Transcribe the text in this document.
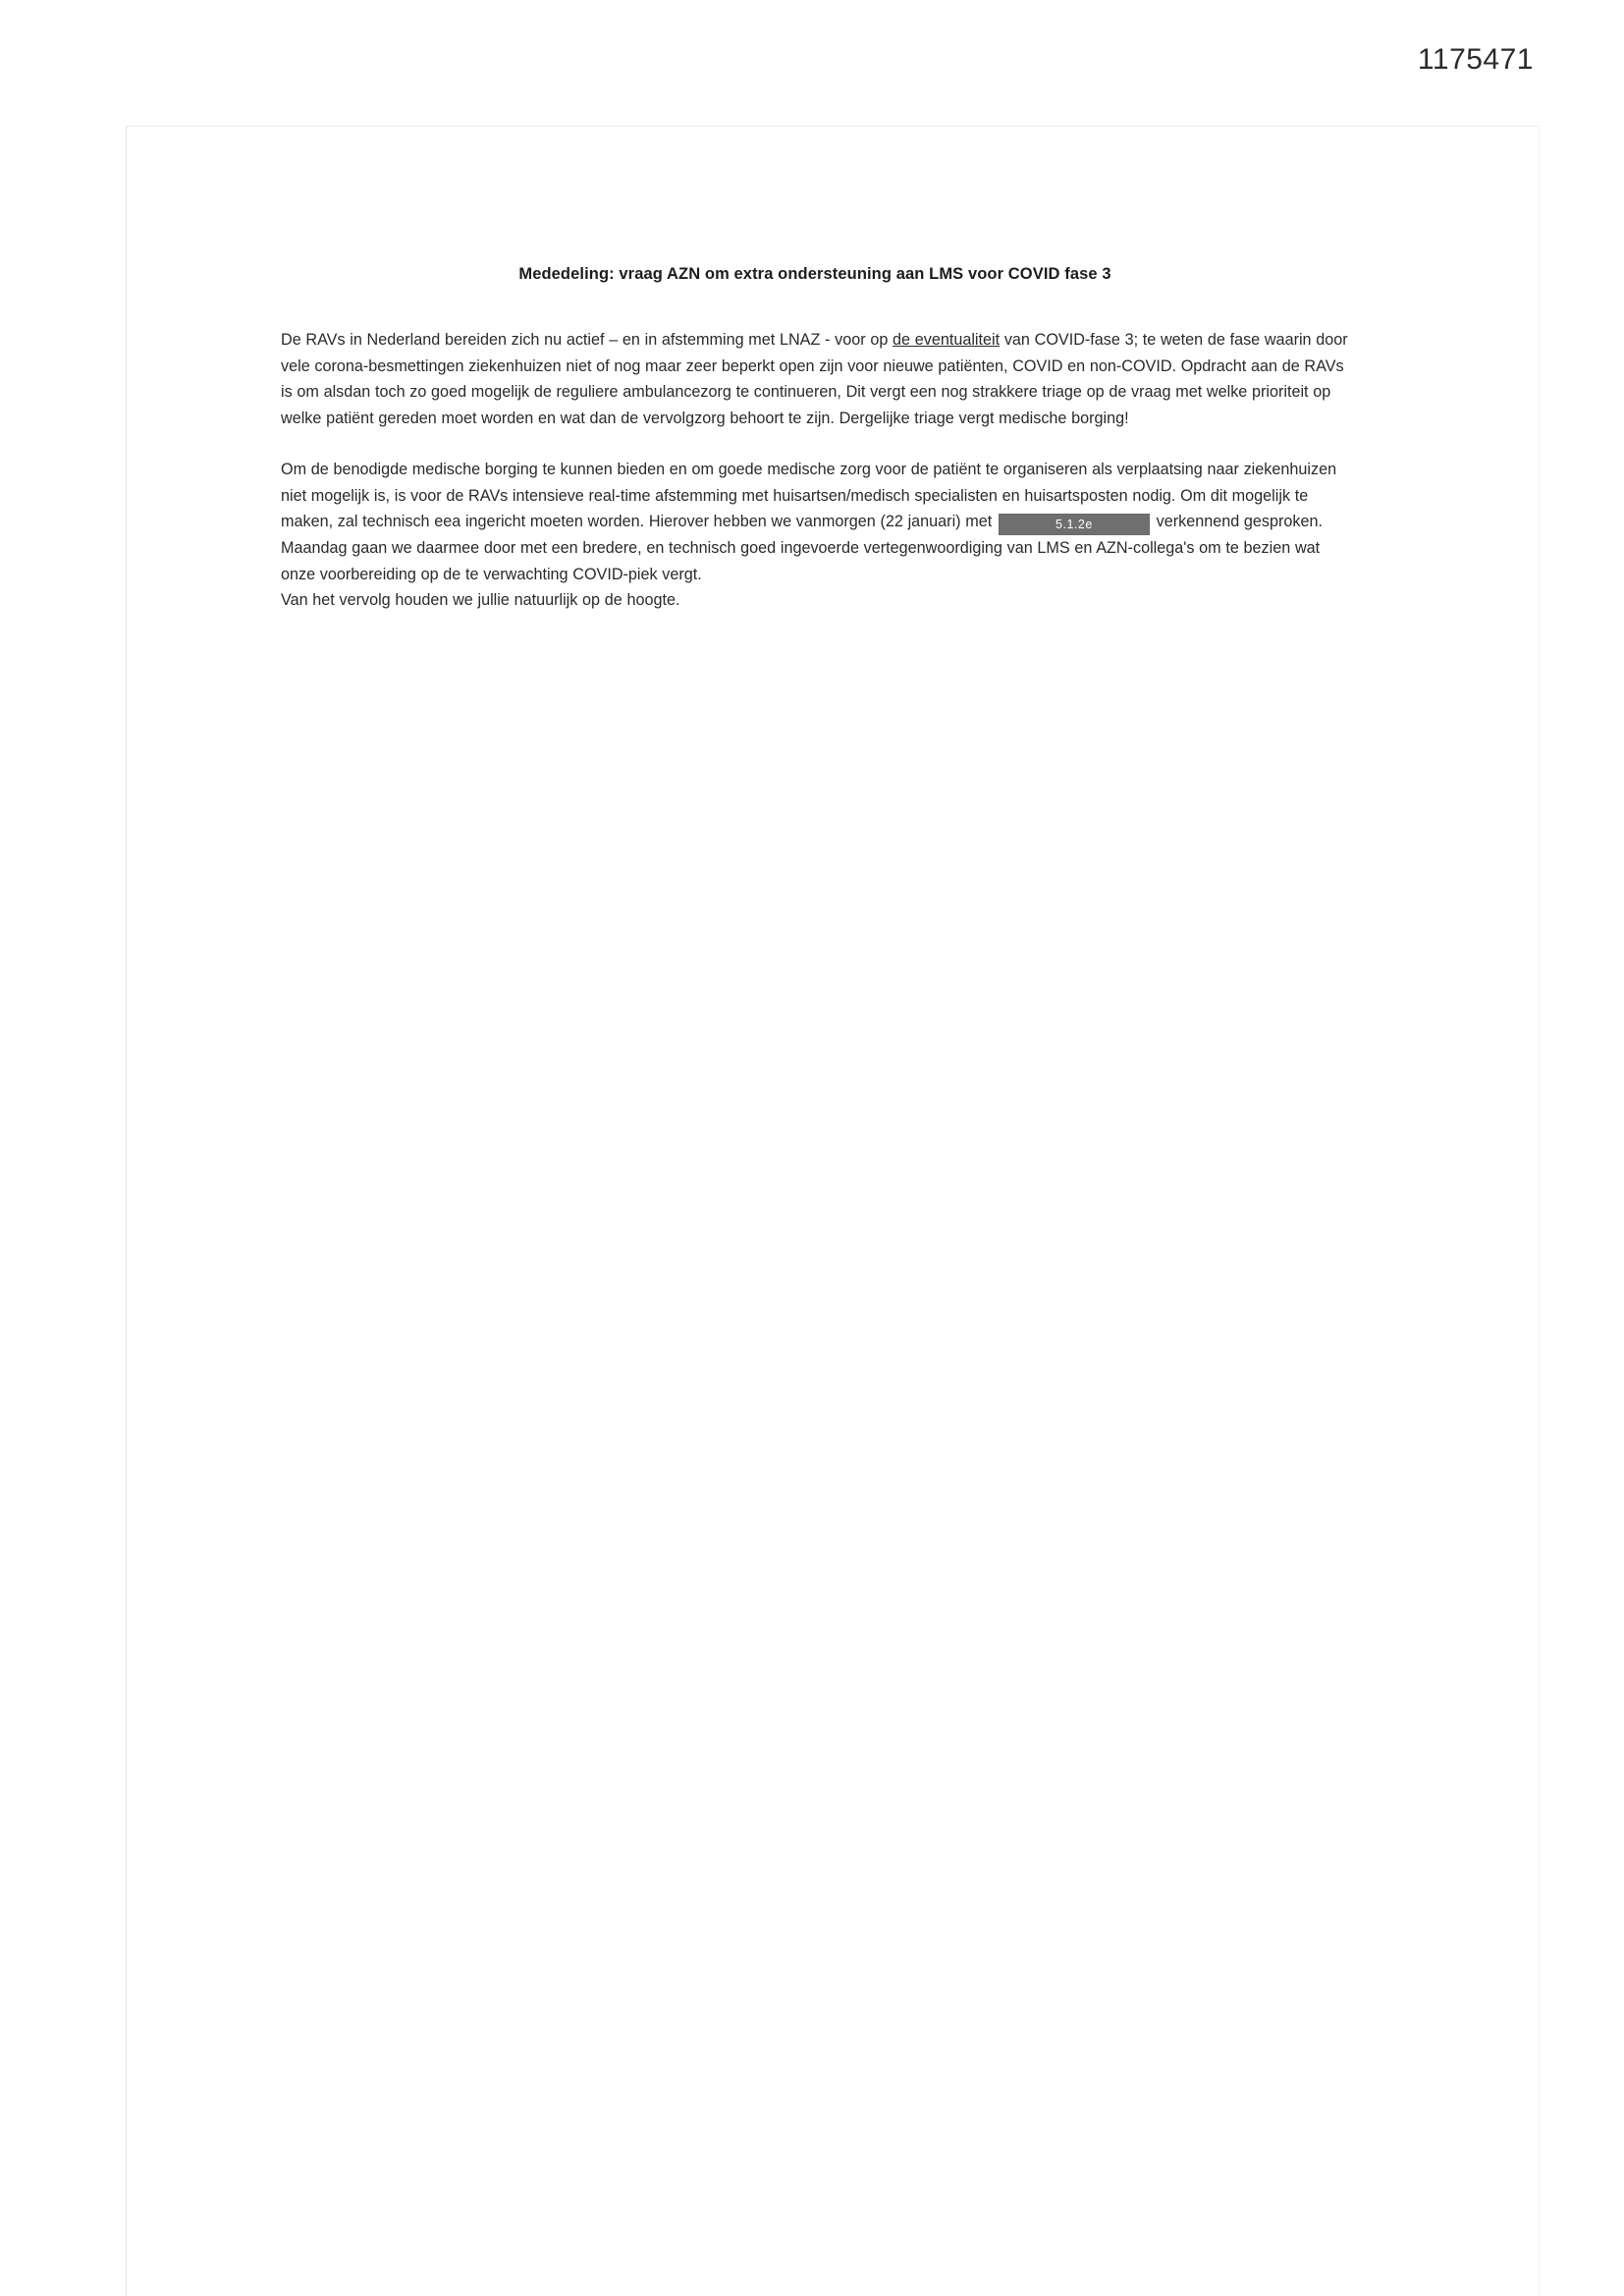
1175471
Mededeling: vraag AZN om extra ondersteuning aan LMS voor COVID fase 3

De RAVs in Nederland bereiden zich nu actief – en in afstemming met LNAZ - voor op de eventualiteit van COVID-fase 3; te weten de fase waarin door vele corona-besmettingen ziekenhuizen niet of nog maar zeer beperkt open zijn voor nieuwe patiënten, COVID en non-COVID. Opdracht aan de RAVs is om alsdan toch zo goed mogelijk de reguliere ambulancezorg te continueren, Dit vergt een nog strakkere triage op de vraag met welke prioriteit op welke patiënt gereden moet worden en wat dan de vervolgzorg behoort te zijn. Dergelijke triage vergt medische borging!

Om de benodigde medische borging te kunnen bieden en om goede medische zorg voor de patiënt te organiseren als verplaatsing naar ziekenhuizen niet mogelijk is, is voor de RAVs intensieve real-time afstemming met huisartsen/medisch specialisten en huisartsposten nodig. Om dit mogelijk te maken, zal technisch eea ingericht moeten worden. Hierover hebben we vanmorgen (22 januari) met	5.1.2e	verkennend gesproken. Maandag gaan we daarmee door met een bredere, en technisch goed ingevoerde vertegenwoordiging van LMS en AZN-collega's om te bezien wat onze voorbereiding op de te verwachting COVID-piek vergt.

Van het vervolg houden we jullie natuurlijk op de hoogte.
